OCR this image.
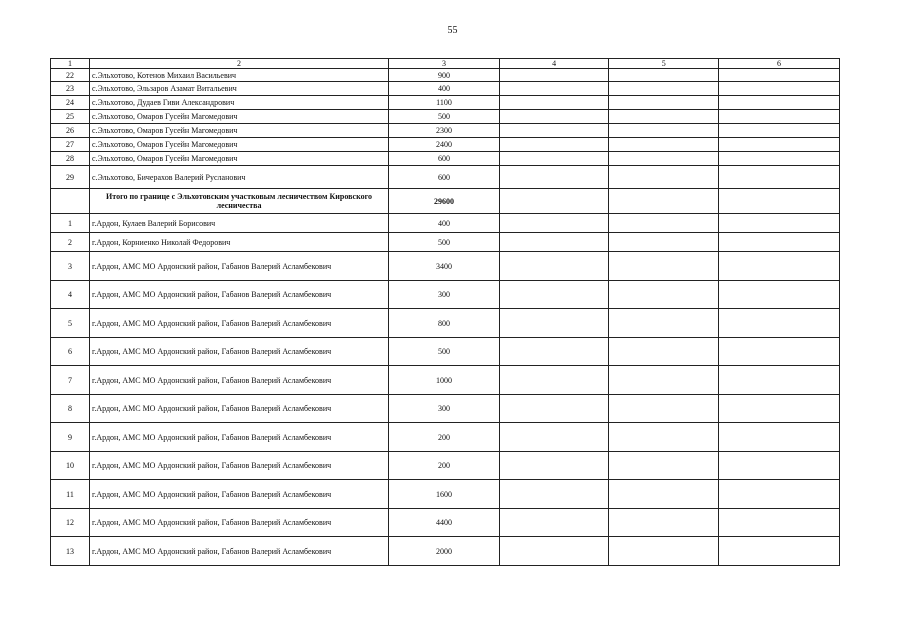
55
1	2	3	4	5	6
22	с.Эльхотово, Котенов Михаил Васильевич	900			
23	с.Эльхотово, Эльзаров Азамат Витальевич	400			
24	с.Эльхотово, Дудаев Гиви Александрович	1100			
25	с.Эльхотово, Омаров Гусейн Магомедович	500			
26	с.Эльхотово, Омаров Гусейн Магомедович	2300			
27	с.Эльхотово, Омаров Гусейн Магомедович	2400			
28	с.Эльхотово, Омаров Гусейн Магомедович	600			
29	с.Эльхотово, Бичерахов Валерий Русланович	600			
	Итого по границе с Эльхотовским участковым лесничеством Кировского лесничества	29600			
1	г.Ардон, Кулаев Валерий Борисович	400			
2	г.Ардон, Корниенко Николай Федорович	500			
3	г.Ардон, АМС МО Ардонский район, Габанов Валерий Асламбекович	3400			
4	г.Ардон, АМС МО Ардонский район, Габанов Валерий Асламбекович	300			
5	г.Ардон, АМС МО Ардонский район, Габанов Валерий Асламбекович	800			
6	г.Ардон, АМС МО Ардонский район, Габанов Валерий Асламбекович	500			
7	г.Ардон, АМС МО Ардонский район, Габанов Валерий Асламбекович	1000			
8	г.Ардон, АМС МО Ардонский район, Габанов Валерий Асламбекович	300			
9	г.Ардон, АМС МО Ардонский район, Габанов Валерий Асламбекович	200			
10	г.Ардон, АМС МО Ардонский район, Габанов Валерий Асламбекович	200			
11	г.Ардон, АМС МО Ардонский район, Габанов Валерий Асламбекович	1600			
12	г.Ардон, АМС МО Ардонский район, Габанов Валерий Асламбекович	4400			
13	г.Ардон, АМС МО Ардонский район, Габанов Валерий Асламбекович	2000			
